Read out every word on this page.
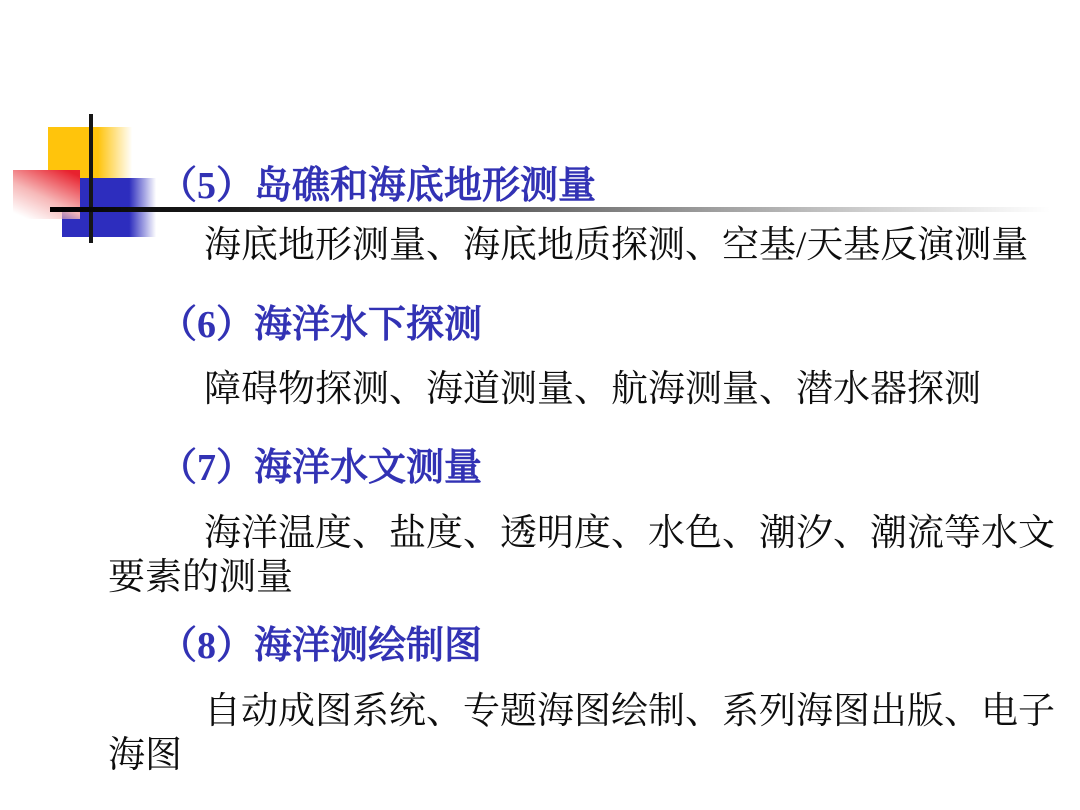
（5）岛礁和海底地形测量

海底地形测量、海底地质探测、空基/天基反演测量

（6）海洋水下探测

障碍物探测、海道测量、航海测量、潜水器探测

（7）海洋水文测量

海洋温度、盐度、透明度、水色、潮汐、潮流等水文要素的测量

（8）海洋测绘制图

自动成图系统、专题海图绘制、系列海图出版、电子海图
